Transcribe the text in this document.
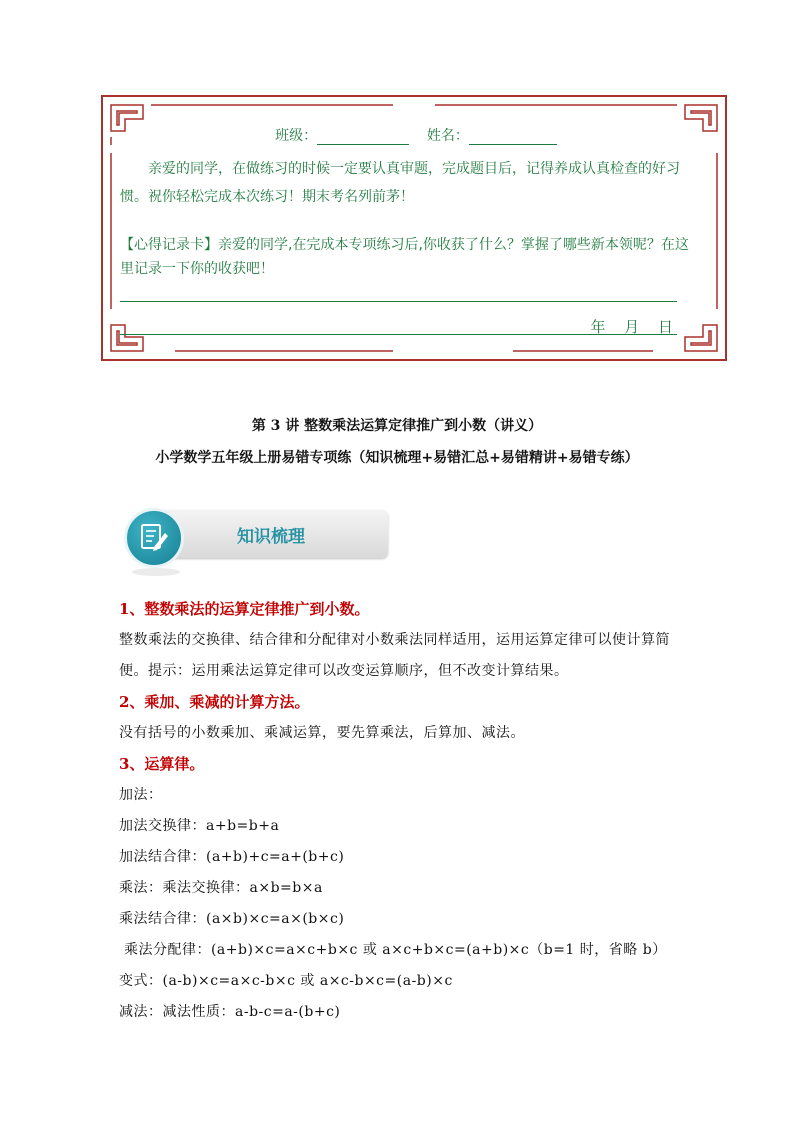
班级：	姓名：
亲爱的同学，在做练习的时候一定要认真审题，完成题目后，记得养成认真检查的好习惯。祝你轻松完成本次练习！期末考名列前茅！
【心得记录卡】亲爱的同学,在完成本专项练习后,你收获了什么？掌握了哪些新本领呢？在这里记录一下你的收获吧！
年 月 日
第 3 讲 整数乘法运算定律推广到小数（讲义）
小学数学五年级上册易错专项练（知识梳理+易错汇总+易错精讲+易错专练）
知识梳理
1、整数乘法的运算定律推广到小数。
整数乘法的交换律、结合律和分配律对小数乘法同样适用，运用运算定律可以使计算简便。提示：运用乘法运算定律可以改变运算顺序，但不改变计算结果。
2、乘加、乘减的计算方法。
没有括号的小数乘加、乘减运算，要先算乘法，后算加、减法。
3、运算律。
加法：
加法交换律：a+b=b+a
加法结合律：(a+b)+c=a+(b+c)
乘法：乘法交换律：a×b=b×a
乘法结合律：(a×b)×c=a×(b×c)
乘法分配律：(a+b)×c=a×c+b×c 或 a×c+b×c=(a+b)×c（b=1 时，省略 b）
变式：(a-b)×c=a×c-b×c 或 a×c-b×c=(a-b)×c
减法：减法性质：a-b-c=a-(b+c)
